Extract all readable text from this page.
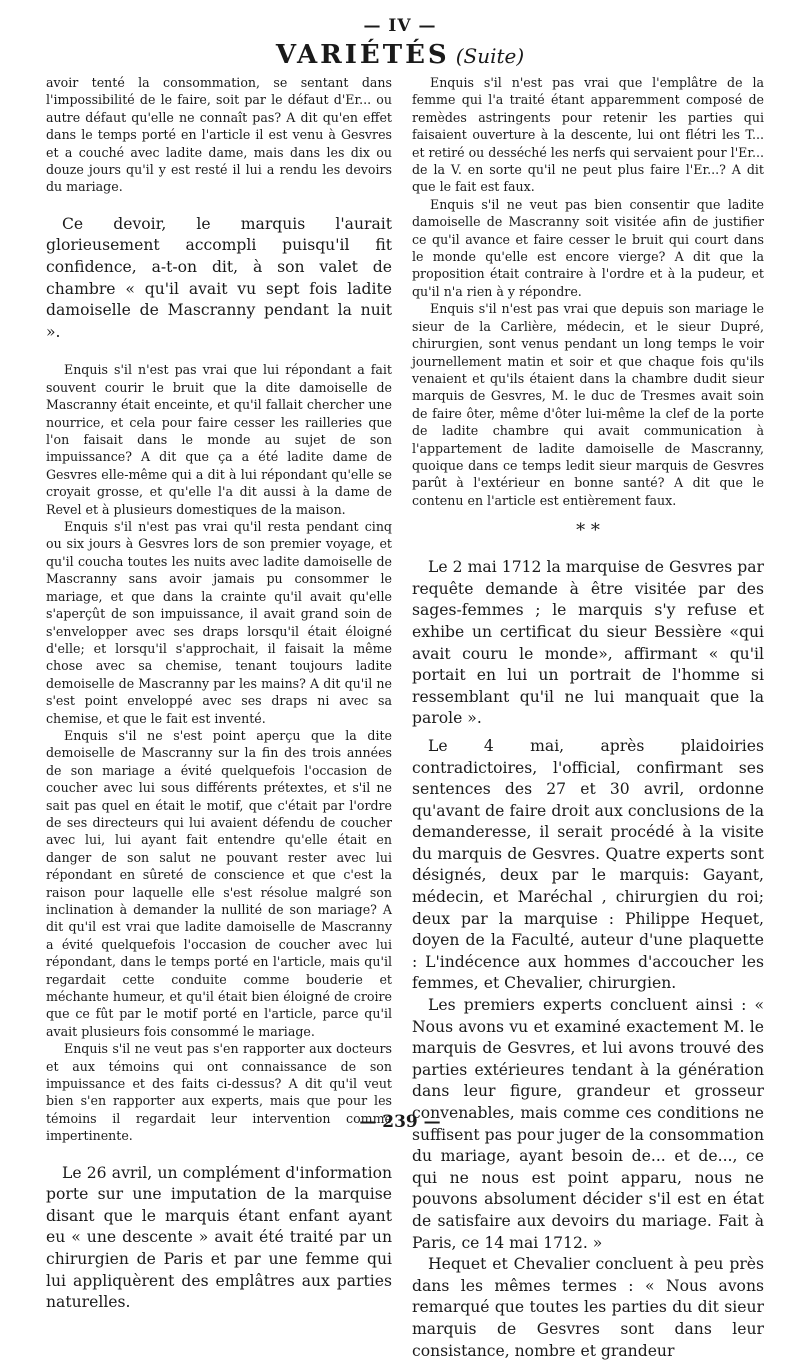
— IV —
VARIÉTÉS (Suite)

avoir tenté la consommation, se sentant dans l'impossibilité de le faire, soit par le défaut d'Er... ou autre défaut qu'elle ne connaît pas? A dit qu'en effet dans le temps porté en l'article il est venu à Gesvres et a couché avec ladite dame, mais dans les dix ou douze jours qu'il y est resté il lui a rendu les devoirs du mariage.

Ce devoir, le marquis l'aurait glorieusement accompli puisqu'il fit confidence, a-t-on dit, à son valet de chambre « qu'il avait vu sept fois ladite damoiselle de Mascranny pendant la nuit ».

Enquis s'il n'est pas vrai que lui répondant a fait souvent courir le bruit que la dite damoiselle de Mascranny était enceinte, et qu'il fallait chercher une nourrice, et cela pour faire cesser les railleries que l'on faisait dans le monde au sujet de son impuissance? A dit que ça a été ladite dame de Gesvres elle-même qui a dit à lui répondant qu'elle se croyait grosse, et qu'elle l'a dit aussi à la dame de Revel et à plusieurs domestiques de la maison.

Enquis s'il n'est pas vrai qu'il resta pendant cinq ou six jours à Gesvres lors de son premier voyage, et qu'il coucha toutes les nuits avec ladite damoiselle de Mascranny sans avoir jamais pu consommer le mariage, et que dans la crainte qu'il avait qu'elle s'aperçût de son impuissance, il avait grand soin de s'envelopper avec ses draps lorsqu'il était éloigné d'elle; et lorsqu'il s'approchait, il faisait la même chose avec sa chemise, tenant toujours ladite demoiselle de Mascranny par les mains? A dit qu'il ne s'est point enveloppé avec ses draps ni avec sa chemise, et que le fait est inventé.

Enquis s'il ne s'est point aperçu que la dite demoiselle de Mascranny sur la fin des trois années de son mariage a évité quelquefois l'occasion de coucher avec lui sous différents prétextes, et s'il ne sait pas quel en était le motif, que c'était par l'ordre de ses directeurs qui lui avaient défendu de coucher avec lui, lui ayant fait entendre qu'elle était en danger de son salut ne pouvant rester avec lui répondant en sûreté de conscience et que c'est la raison pour laquelle elle s'est résolue malgré son inclination à demander la nullité de son mariage? A dit qu'il est vrai que ladite damoiselle de Mascranny a évité quelquefois l'occasion de coucher avec lui répondant, dans le temps porté en l'article, mais qu'il regardait cette conduite comme bouderie et méchante humeur, et qu'il était bien éloigné de croire que ce fût par le motif porté en l'article, parce qu'il avait plusieurs fois consommé le mariage.

Enquis s'il ne veut pas s'en rapporter aux docteurs et aux témoins qui ont connaissance de son impuissance et des faits ci-dessus? A dit qu'il veut bien s'en rapporter aux experts, mais que pour les témoins il regardait leur intervention comme impertinente.

Le 26 avril, un complément d'information porte sur une imputation de la marquise disant que le marquis étant enfant ayant eu « une descente » avait été traité par un chirurgien de Paris et par une femme qui lui appliquèrent des emplâtres aux parties naturelles.

Enquis s'il n'est pas vrai que l'emplâtre de la femme qui l'a traité étant apparemment composé de remèdes astringents pour retenir les parties qui faisaient ouverture à la descente, lui ont flétri les T... et retiré ou desséché les nerfs qui servaient pour l'Er... de la V. en sorte qu'il ne peut plus faire l'Er...? A dit que le fait est faux.

Enquis s'il ne veut pas bien consentir que ladite damoiselle de Mascranny soit visitée afin de justifier ce qu'il avance et faire cesser le bruit qui court dans le monde qu'elle est encore vierge? A dit que la proposition était contraire à l'ordre et à la pudeur, et qu'il n'a rien à y répondre.

Enquis s'il n'est pas vrai que depuis son mariage le sieur de la Carlière, médecin, et le sieur Dupré, chirurgien, sont venus pendant un long temps le voir journellement matin et soir et que chaque fois qu'ils venaient et qu'ils étaient dans la chambre dudit sieur marquis de Gesvres, M. le duc de Tresmes avait soin de faire ôter, même d'ôter lui-même la clef de la porte de ladite chambre qui avait communication à l'appartement de ladite damoiselle de Mascranny, quoique dans ce temps ledit sieur marquis de Gesvres parût à l'extérieur en bonne santé? A dit que le contenu en l'article est entièrement faux.

* *

Le 2 mai 1712 la marquise de Gesvres par requête demande à être visitée par des sages-femmes ; le marquis s'y refuse et exhibe un certificat du sieur Bessière «qui avait couru le monde», affirmant « qu'il portait en lui un portrait de l'homme si ressemblant qu'il ne lui manquait que la parole ».

Le 4 mai, après plaidoiries contradictoires, l'official, confirmant ses sentences des 27 et 30 avril, ordonne qu'avant de faire droit aux conclusions de la demanderesse, il serait procédé à la visite du marquis de Gesvres. Quatre experts sont désignés, deux par le marquis: Gayant, médecin, et Maréchal , chirurgien du roi; deux par la marquise : Philippe Hequet, doyen de la Faculté, auteur d'une plaquette : L'indécence aux hommes d'accoucher les femmes, et Chevalier, chirurgien.

Les premiers experts concluent ainsi : « Nous avons vu et examiné exactement M. le marquis de Gesvres, et lui avons trouvé des parties extérieures tendant à la génération dans leur figure, grandeur et grosseur convenables, mais comme ces conditions ne suffisent pas pour juger de la consommation du mariage, ayant besoin de... et de..., ce qui ne nous est point apparu, nous ne pouvons absolument décider s'il est en état de satisfaire aux devoirs du mariage. Fait à Paris, ce 14 mai 1712. »

Hequet et Chevalier concluent à peu près dans les mêmes termes : « Nous avons remarqué que toutes les parties du dit sieur marquis de Gesvres sont dans leur consistance, nombre et grandeur

— 239 —
